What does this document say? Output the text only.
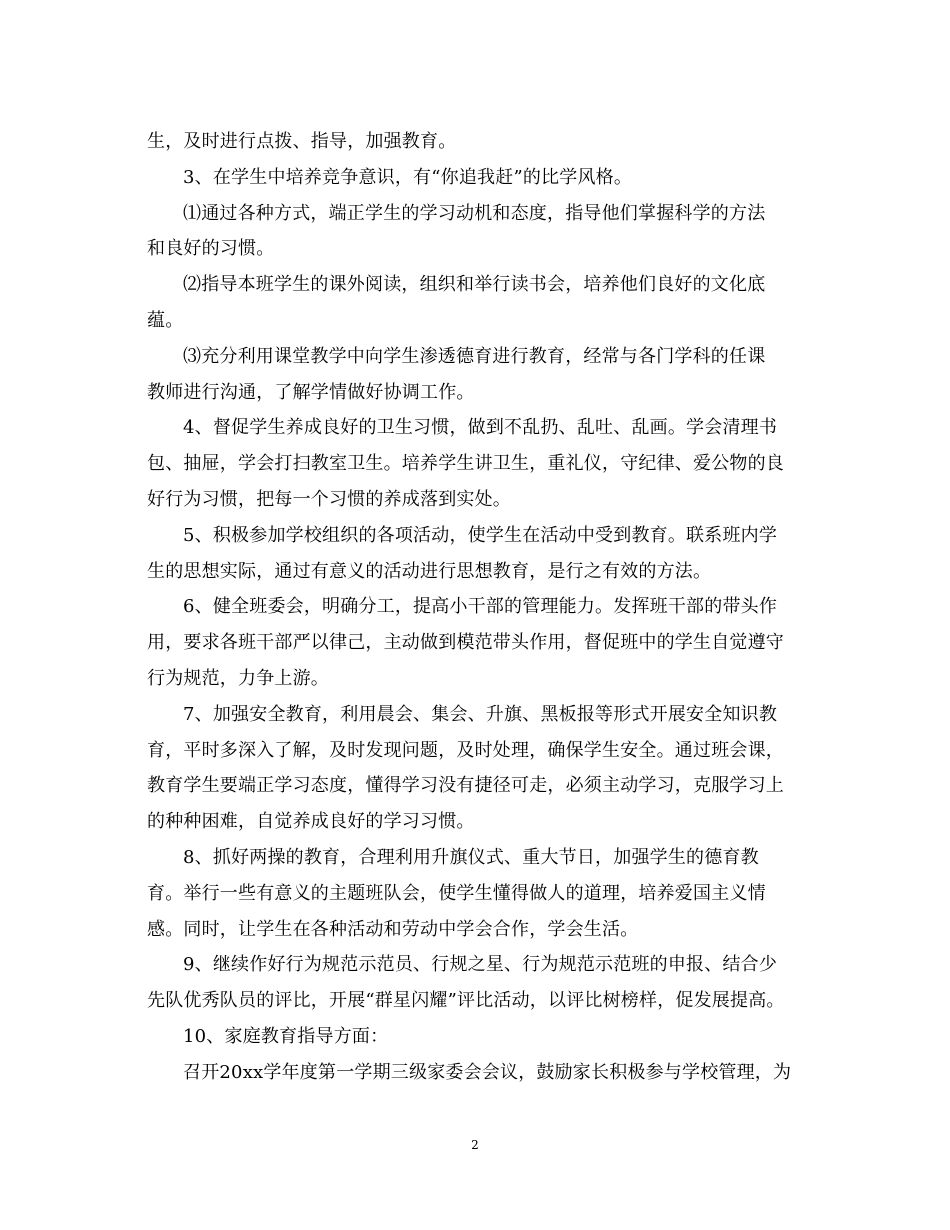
生，及时进行点拨、指导，加强教育。
3、在学生中培养竞争意识，有“你追我赶”的比学风格。
⑴通过各种方式，端正学生的学习动机和态度，指导他们掌握科学的方法
和良好的习惯。
⑵指导本班学生的课外阅读，组织和举行读书会，培养他们良好的文化底
蕴。
⑶充分利用课堂教学中向学生渗透德育进行教育，经常与各门学科的任课
教师进行沟通，了解学情做好协调工作。
4、督促学生养成良好的卫生习惯，做到不乱扔、乱吐、乱画。学会清理书
包、抽屉，学会打扫教室卫生。培养学生讲卫生，重礼仪，守纪律、爱公物的良
好行为习惯，把每一个习惯的养成落到实处。
5、积极参加学校组织的各项活动，使学生在活动中受到教育。联系班内学
生的思想实际，通过有意义的活动进行思想教育，是行之有效的方法。
6、健全班委会，明确分工，提高小干部的管理能力。发挥班干部的带头作
用，要求各班干部严以律己，主动做到模范带头作用，督促班中的学生自觉遵守
行为规范，力争上游。
7、加强安全教育，利用晨会、集会、升旗、黑板报等形式开展安全知识教
育，平时多深入了解，及时发现问题，及时处理，确保学生安全。通过班会课，
教育学生要端正学习态度，懂得学习没有捷径可走，必须主动学习，克服学习上
的种种困难，自觉养成良好的学习习惯。
8、抓好两操的教育，合理利用升旗仪式、重大节日，加强学生的德育教
育。举行一些有意义的主题班队会，使学生懂得做人的道理，培养爱国主义情
感。同时，让学生在各种活动和劳动中学会合作，学会生活。
9、继续作好行为规范示范员、行规之星、行为规范示范班的申报、结合少
先队优秀队员的评比，开展“群星闪耀”评比活动，以评比树榜样，促发展提高。
10、家庭教育指导方面：
召开20xx学年度第一学期三级家委会会议，鼓励家长积极参与学校管理，为
2
